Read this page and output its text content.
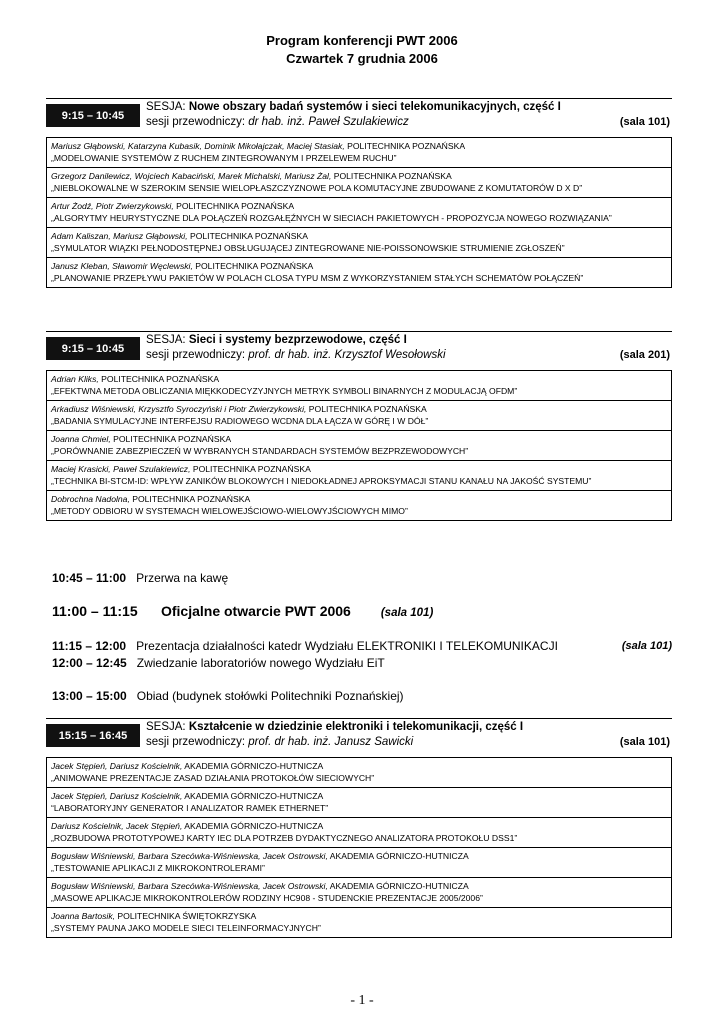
Program konferencji PWT 2006
Czwartek 7 grudnia 2006
9:15 – 10:45
SESJA: Nowe obszary badań systemów i sieci telekomunikacyjnych, część I
sesji przewodniczy: dr hab. inż. Paweł Szulakiewicz	(sala 101)
Mariusz Głąbowski, Katarzyna Kubasik, Dominik Mikołajczak, Maciej Stasiak, POLITECHNIKA POZNAŃSKA
„MODELOWANIE SYSTEMÓW Z RUCHEM ZINTEGROWANYM I PRZELEWEM RUCHU”
Grzegorz Danilewicz, Wojciech Kabaciński, Marek Michalski, Mariusz Żal, POLITECHNIKA POZNAŃSKA
„NIEBLOKOWALNE W SZEROKIM SENSIE WIELOPŁASZCZYZNOWE POLA KOMUTACYJNE ZBUDOWANE Z KOMUTATORÓW D X D”
Artur Żodź, Piotr Zwierzykowski, POLITECHNIKA POZNAŃSKA
„ALGORYTMY HEURYSTYCZNE DLA POŁĄCZEŃ ROZGAŁĘŹNYCH W SIECIACH PAKIETOWYCH - PROPOZYCJA NOWEGO ROZWIĄZANIA”
Adam Kaliszan, Mariusz Głąbowski, POLITECHNIKA POZNAŃSKA
„SYMULATOR WIĄZKI PEŁNODOSTĘPNEJ OBSŁUGUJĄCEJ ZINTEGROWANE NIE-POISSONOWSKIE STRUMIENIE ZGŁOSZEŃ”
Janusz Kleban, Sławomir Węclewski, POLITECHNIKA POZNAŃSKA
„PLANOWANIE PRZEPŁYWU PAKIETÓW W POLACH CLOSA TYPU MSM Z WYKORZYSTANIEM STAŁYCH SCHEMATÓW POŁĄCZEŃ”
9:15 – 10:45
SESJA: Sieci i systemy bezprzewodowe, część I
sesji przewodniczy: prof. dr hab. inż. Krzysztof Wesołowski	(sala 201)
Adrian Kliks, POLITECHNIKA POZNAŃSKA
„EFEKTWNA METODA OBLICZANIA MIĘKKODECYZYJNYCH METRYK SYMBOLI BINARNYCH Z MODULACJĄ OFDM”
Arkadiusz Wiśniewski, Krzysztfo Syroczyński i Piotr Zwierzykowski, POLITECHNIKA POZNAŃSKA
„BADANIA SYMULACYJNE INTERFEJSU RADIOWEGO WCDNA DLA ŁĄCZA W GÓRĘ I W DÓŁ”
Joanna Chmiel, POLITECHNIKA POZNAŃSKA
„PORÓWNANIE ZABEZPIECZEŃ W WYBRANYCH STANDARDACH SYSTEMÓW BEZPRZEWODOWYCH”
Maciej Krasicki, Paweł Szulakiewicz, POLITECHNIKA POZNAŃSKA
„TECHNIKA BI-STCM-ID: WPŁYW ZANIKÓW BLOKOWYCH I NIEDOKŁADNEJ APROKSYMACJI STANU KANAŁU NA JAKOŚĆ SYSTEMU”
Dobrochna Nadolna, POLITECHNIKA POZNAŃSKA
„METODY ODBIORU W SYSTEMACH WIELOWEJŚCIOWO-WIELOWYJŚCIOWYCH MIMO”
10:45 – 11:00 Przerwa na kawę
11:00 – 11:15 Oficjalne otwarcie PWT 2006	(sala 101)
11:15 – 12:00 Prezentacja działalności katedr Wydziału ELEKTRONIKI I TELEKOMUNIKACJI	(sala 101)
12:00 – 12:45 Zwiedzanie laboratoriów nowego Wydziału EiT
13:00 – 15:00 Obiad (budynek stołówki Politechniki Poznańskiej)
15:15 – 16:45
SESJA: Kształcenie w dziedzinie elektroniki i telekomunikacji, część I
sesji przewodniczy: prof. dr hab. inż. Janusz Sawicki	(sala 101)
Jacek Stępień, Dariusz Kościelnik, AKADEMIA GÓRNICZO-HUTNICZA
„ANIMOWANE PREZENTACJE ZASAD DZIAŁANIA PROTOKOŁÓW SIECIOWYCH”
Jacek Stępień, Dariusz Kościelnik, AKADEMIA GÓRNICZO-HUTNICZA
“LABORATORYJNY GENERATOR I ANALIZATOR RAMEK ETHERNET”
Dariusz Kościelnik, Jacek Stępień, AKADEMIA GÓRNICZO-HUTNICZA
„ROZBUDOWA PROTOTYPOWEJ KARTY IEC DLA POTRZEB DYDAKTYCZNEGO ANALIZATORA PROTOKOŁU DSS1”
Bogusław Wiśniewski, Barbara Szecówka-Wiśniewska, Jacek Ostrowski, AKADEMIA GÓRNICZO-HUTNICZA
„TESTOWANIE APLIKACJI Z MIKROKONTROLERAMI”
Bogusław Wiśniewski, Barbara Szecówka-Wiśniewska, Jacek Ostrowski, AKADEMIA GÓRNICZO-HUTNICZA
„MASOWE APLIKACJE MIKROKONTROLERÓW RODZINY HC908 - STUDENCKIE PREZENTACJE 2005/2006”
Joanna Bartosik, POLITECHNIKA ŚWIĘTOKRZYSKA
„SYSTEMY PAUNA JAKO MODELE SIECI TELEINFORMACYJNYCH”
- 1 -
